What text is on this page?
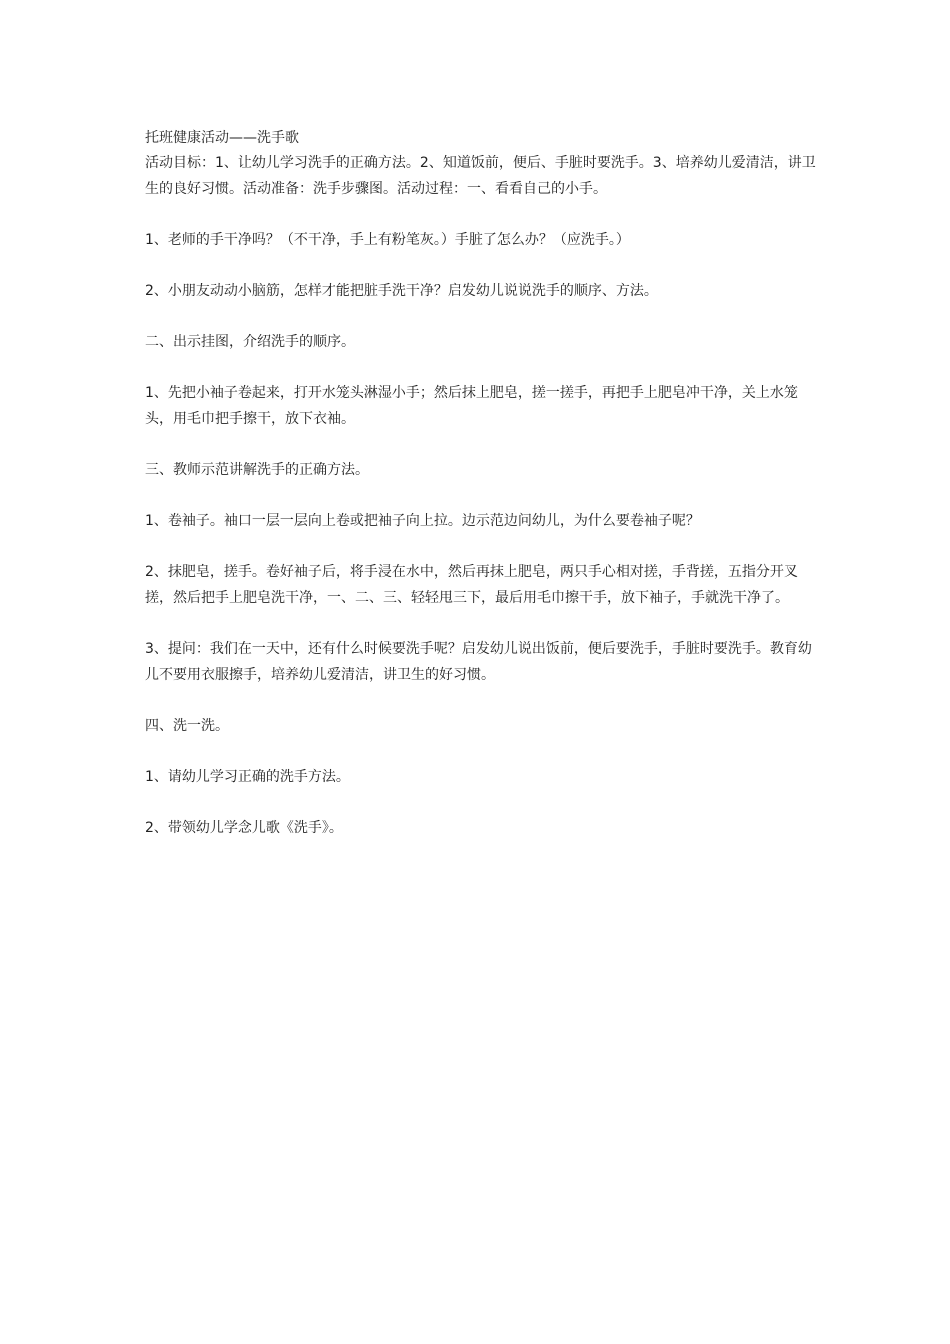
托班健康活动——洗手歌

活动目标：1、让幼儿学习洗手的正确方法。2、知道饭前，便后、手脏时要洗手。3、培养幼儿爱清洁，讲卫生的良好习惯。活动准备：洗手步骤图。活动过程：一、看看自己的小手。

1、老师的手干净吗？（不干净，手上有粉笔灰。）手脏了怎么办？（应洗手。）

2、小朋友动动小脑筋，怎样才能把脏手洗干净？启发幼儿说说洗手的顺序、方法。

二、出示挂图，介绍洗手的顺序。

1、先把小袖子卷起来，打开水笼头淋湿小手；然后抹上肥皂，搓一搓手，再把手上肥皂冲干净，关上水笼头，用毛巾把手擦干，放下衣袖。

三、教师示范讲解洗手的正确方法。

1、卷袖子。袖口一层一层向上卷或把袖子向上拉。边示范边问幼儿，为什么要卷袖子呢？

2、抹肥皂，搓手。卷好袖子后，将手浸在水中，然后再抹上肥皂，两只手心相对搓，手背搓，五指分开叉搓，然后把手上肥皂洗干净，一、二、三、轻轻甩三下，最后用毛巾擦干手，放下袖子，手就洗干净了。

3、提问：我们在一天中，还有什么时候要洗手呢？启发幼儿说出饭前，便后要洗手，手脏时要洗手。教育幼儿不要用衣服擦手，培养幼儿爱清洁，讲卫生的好习惯。

四、洗一洗。

1、请幼儿学习正确的洗手方法。

2、带领幼儿学念儿歌《洗手》。
